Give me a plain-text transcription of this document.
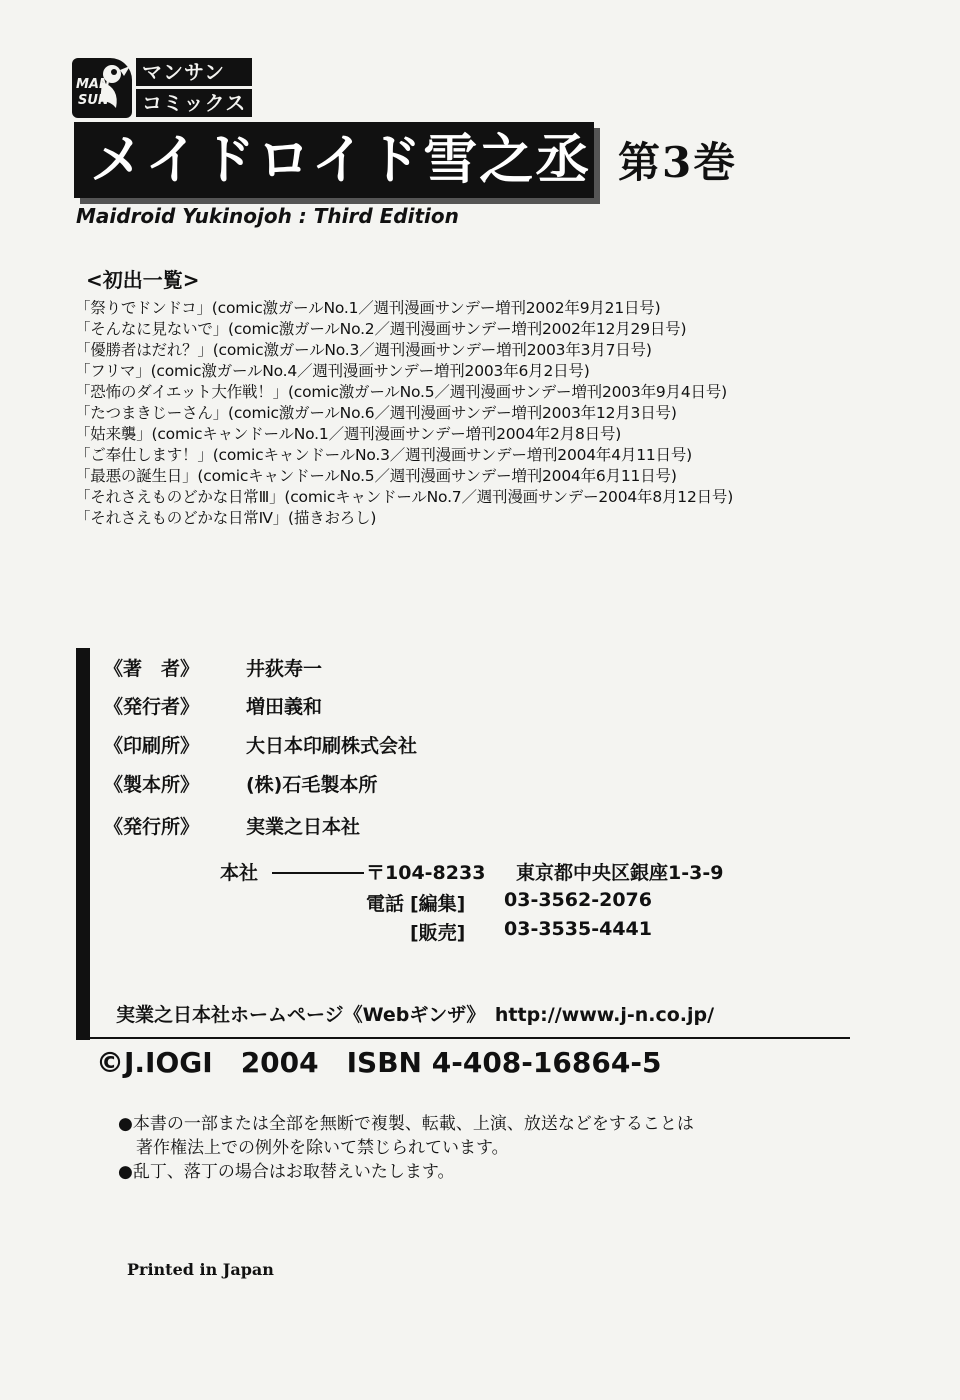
MAN
SUN
マンサン
コミックス
メイドロイド雪之丞 第3巻
Maidroid Yukinojoh : Third Edition
<初出一覧>
「祭りでドンドコ」(comic激ガールNo.1／週刊漫画サンデー増刊2002年9月21日号)
「そんなに見ないで」(comic激ガールNo.2／週刊漫画サンデー増刊2002年12月29日号)
「優勝者はだれ？」(comic激ガールNo.3／週刊漫画サンデー増刊2003年3月7日号)
「フリマ」(comic激ガールNo.4／週刊漫画サンデー増刊2003年6月2日号)
「恐怖のダイエット大作戦！」(comic激ガールNo.5／週刊漫画サンデー増刊2003年9月4日号)
「たつまきじーさん」(comic激ガールNo.6／週刊漫画サンデー増刊2003年12月3日号)
「姑来襲」(comicキャンドールNo.1／週刊漫画サンデー増刊2004年2月8日号)
「ご奉仕します！」(comicキャンドールNo.3／週刊漫画サンデー増刊2004年4月11日号)
「最悪の誕生日」(comicキャンドールNo.5／週刊漫画サンデー増刊2004年6月11日号)
「それさえものどかな日常Ⅲ」(comicキャンドールNo.7／週刊漫画サンデー2004年8月12日号)
「それさえものどかな日常Ⅳ」(描きおろし)
《著　者》 井荻寿一
《発行者》 増田義和
《印刷所》 大日本印刷株式会社
《製本所》 (株)石毛製本所
《発行所》 実業之日本社
本社	〒104-8233 東京都中央区銀座1-3-9
電話 [編集] 03-3562-2076
[販売] 03-3535-4441
実業之日本社ホームページ《Webギンザ》　http://www.j-n.co.jp/
©J.IOGI 2004 ISBN 4-408-16864-5
●本書の一部または全部を無断で複製、転載、上演、放送などをすることは
著作権法上での例外を除いて禁じられています。
●乱丁、落丁の場合はお取替えいたします。
Printed in Japan
